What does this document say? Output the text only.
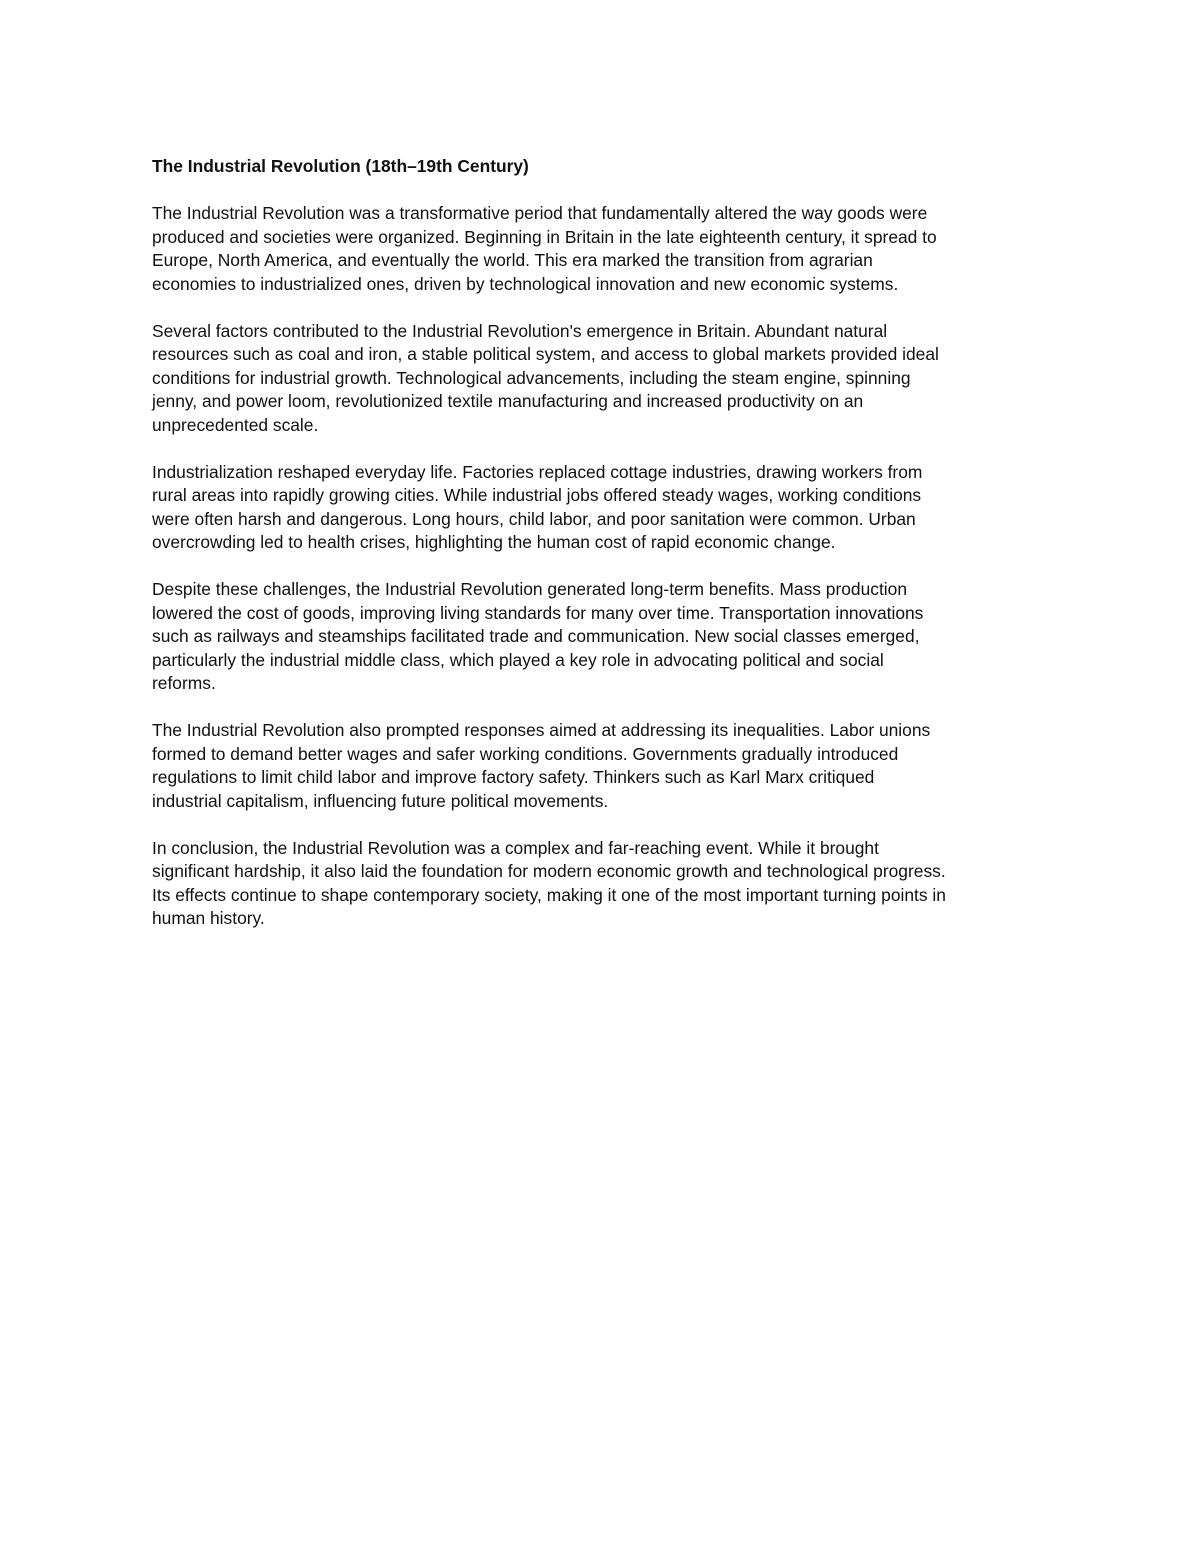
The Industrial Revolution (18th–19th Century)
The Industrial Revolution was a transformative period that fundamentally altered the way goods were
produced and societies were organized. Beginning in Britain in the late eighteenth century, it spread to
Europe, North America, and eventually the world. This era marked the transition from agrarian
economies to industrialized ones, driven by technological innovation and new economic systems.
Several factors contributed to the Industrial Revolution's emergence in Britain. Abundant natural
resources such as coal and iron, a stable political system, and access to global markets provided ideal
conditions for industrial growth. Technological advancements, including the steam engine, spinning
jenny, and power loom, revolutionized textile manufacturing and increased productivity on an
unprecedented scale.
Industrialization reshaped everyday life. Factories replaced cottage industries, drawing workers from
rural areas into rapidly growing cities. While industrial jobs offered steady wages, working conditions
were often harsh and dangerous. Long hours, child labor, and poor sanitation were common. Urban
overcrowding led to health crises, highlighting the human cost of rapid economic change.
Despite these challenges, the Industrial Revolution generated long-term benefits. Mass production
lowered the cost of goods, improving living standards for many over time. Transportation innovations
such as railways and steamships facilitated trade and communication. New social classes emerged,
particularly the industrial middle class, which played a key role in advocating political and social
reforms.
The Industrial Revolution also prompted responses aimed at addressing its inequalities. Labor unions
formed to demand better wages and safer working conditions. Governments gradually introduced
regulations to limit child labor and improve factory safety. Thinkers such as Karl Marx critiqued
industrial capitalism, influencing future political movements.
In conclusion, the Industrial Revolution was a complex and far-reaching event. While it brought
significant hardship, it also laid the foundation for modern economic growth and technological progress.
Its effects continue to shape contemporary society, making it one of the most important turning points in
human history.
